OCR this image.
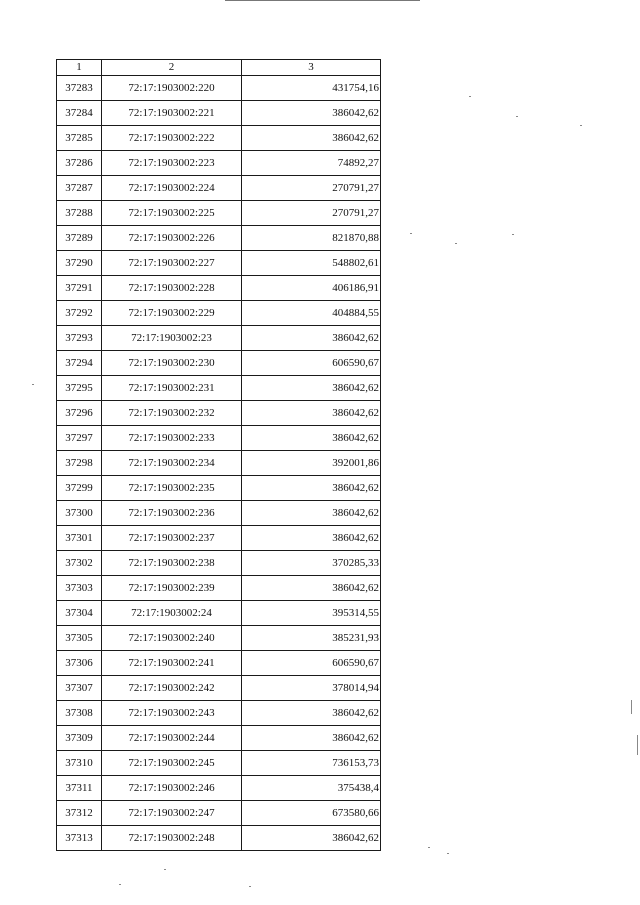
1	2	3
37283	72:17:1903002:220	431754,16
37284	72:17:1903002:221	386042,62
37285	72:17:1903002:222	386042,62
37286	72:17:1903002:223	74892,27
37287	72:17:1903002:224	270791,27
37288	72:17:1903002:225	270791,27
37289	72:17:1903002:226	821870,88
37290	72:17:1903002:227	548802,61
37291	72:17:1903002:228	406186,91
37292	72:17:1903002:229	404884,55
37293	72:17:1903002:23	386042,62
37294	72:17:1903002:230	606590,67
37295	72:17:1903002:231	386042,62
37296	72:17:1903002:232	386042,62
37297	72:17:1903002:233	386042,62
37298	72:17:1903002:234	392001,86
37299	72:17:1903002:235	386042,62
37300	72:17:1903002:236	386042,62
37301	72:17:1903002:237	386042,62
37302	72:17:1903002:238	370285,33
37303	72:17:1903002:239	386042,62
37304	72:17:1903002:24	395314,55
37305	72:17:1903002:240	385231,93
37306	72:17:1903002:241	606590,67
37307	72:17:1903002:242	378014,94
37308	72:17:1903002:243	386042,62
37309	72:17:1903002:244	386042,62
37310	72:17:1903002:245	736153,73
37311	72:17:1903002:246	375438,4
37312	72:17:1903002:247	673580,66
37313	72:17:1903002:248	386042,62
